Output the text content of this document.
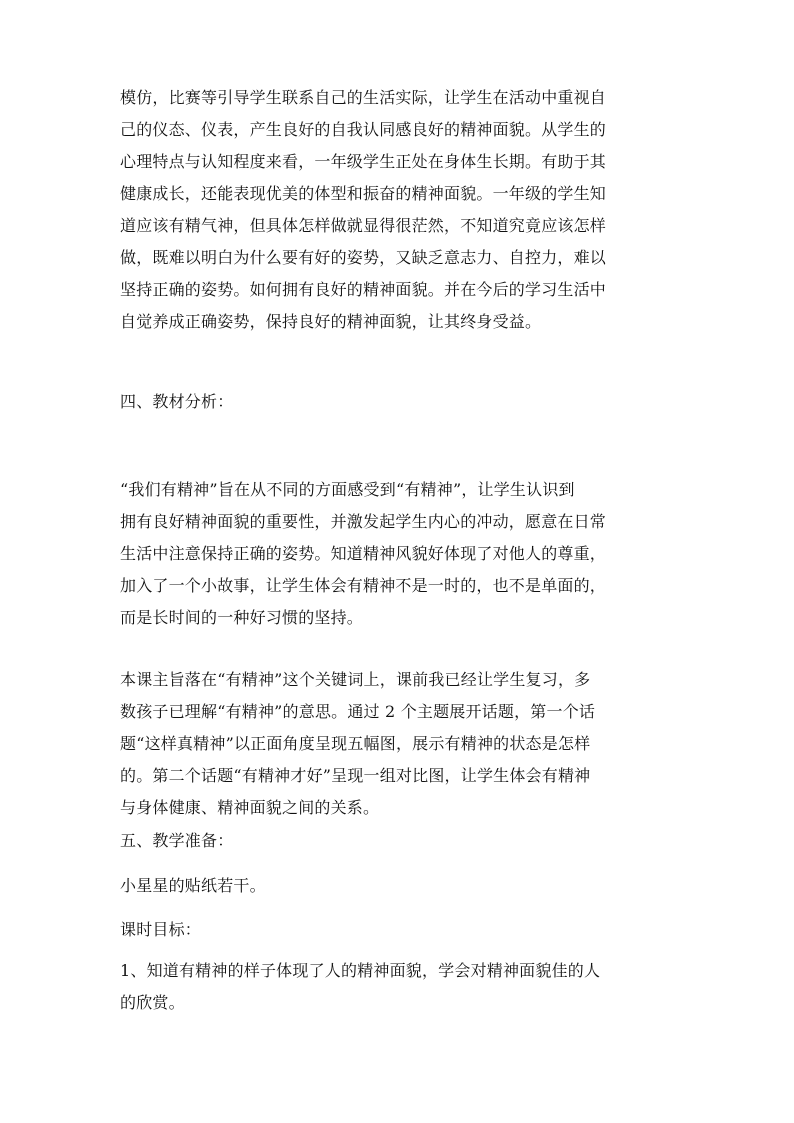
模仿，比赛等引导学生联系自己的生活实际，让学生在活动中重视自
己的仪态、仪表，产生良好的自我认同感良好的精神面貌。从学生的
心理特点与认知程度来看，一年级学生正处在身体生长期。有助于其
健康成长，还能表现优美的体型和振奋的精神面貌。一年级的学生知
道应该有精气神，但具体怎样做就显得很茫然，不知道究竟应该怎样
做，既难以明白为什么要有好的姿势，又缺乏意志力、自控力，难以
坚持正确的姿势。如何拥有良好的精神面貌。并在今后的学习生活中
自觉养成正确姿势，保持良好的精神面貌，让其终身受益。
四、教材分析：
“我们有精神”旨在从不同的方面感受到“有精神”，让学生认识到
拥有良好精神面貌的重要性，并激发起学生内心的冲动，愿意在日常
生活中注意保持正确的姿势。知道精神风貌好体现了对他人的尊重，
加入了一个小故事，让学生体会有精神不是一时的，也不是单面的，
而是长时间的一种好习惯的坚持。
本课主旨落在“有精神”这个关键词上，课前我已经让学生复习，多
数孩子已理解“有精神”的意思。通过 2 个主题展开话题，第一个话
题“这样真精神”以正面角度呈现五幅图，展示有精神的状态是怎样
的。第二个话题“有精神才好”呈现一组对比图，让学生体会有精神
与身体健康、精神面貌之间的关系。
五、教学准备：
小星星的贴纸若干。
课时目标：
1、知道有精神的样子体现了人的精神面貌，学会对精神面貌佳的人
的欣赏。
